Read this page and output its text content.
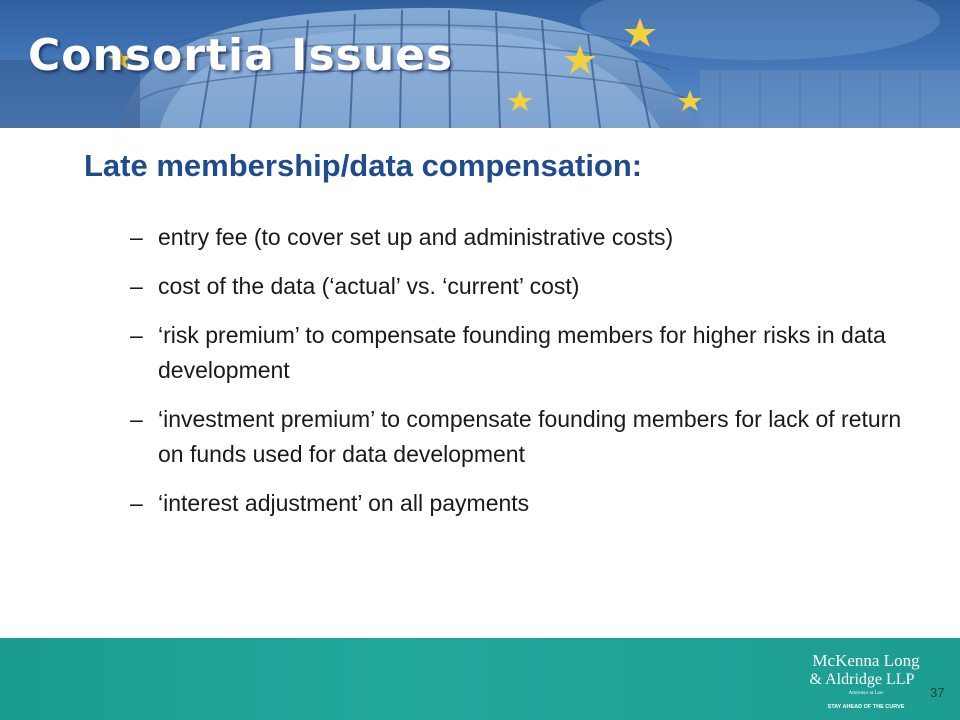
Consortia Issues
Late membership/data compensation:
– entry fee (to cover set up and administrative costs)
– cost of the data (‘actual’ vs. ‘current’ cost)
– ‘risk premium’ to compensate founding members for higher risks in data development
– ‘investment premium’ to compensate founding members for lack of return on funds used for data development
– ‘interest adjustment’ on all payments
McKenna Long
& Aldridge LLP
Attorneys at Law
STAY AHEAD OF THE CURVE
37
